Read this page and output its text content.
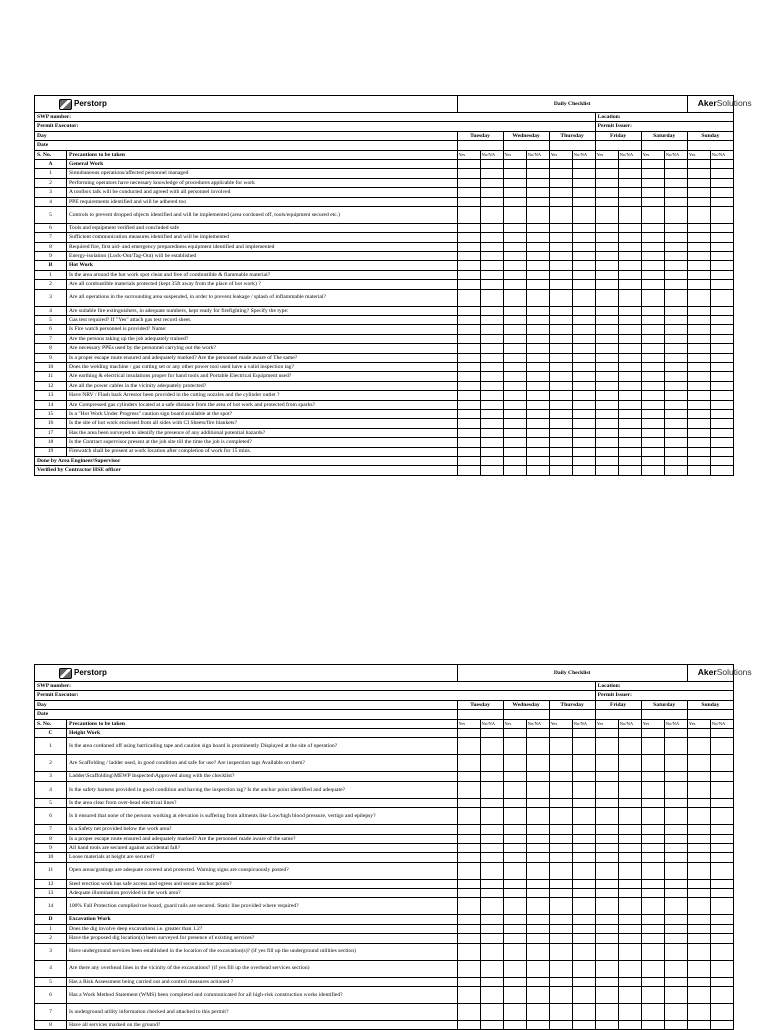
Perstorp		Daily Checklist										AkerSolutions	

SWP number:								Location:					
Permit Executor:								Permit Issuer:					
Day		Tuesday		Wednesday		Thursday		Friday		Saturday		Sunday	
Date													
S. No.	Precautions to be taken	Yes	No/NA	Yes	No/NA	Yes	No/NA	Yes	No/NA	Yes	No/NA	Yes	No/NA
A	General Work												
1	Simultaneous operations/affected personnel managed												
2	Performing operators have necessary knowledge of procedures applicable for work												
3	A toolbox talk will be conducted and agreed with all personnel involved												
4	PPE requirements identified and will be adhered too												
5	Controls to prevent dropped objects identified and will be implemented (area cordoned off, tools/equipment secured etc.)												
6	Tools and equipment verified and concluded safe												
7	Sufficient communication measures identified and will be implemented												
8	Required fire, first aid- and emergency preparedness equipment identified and implemented												
9	Energy-isolation (Lock-Out/Tag-Out) will be established												
B	Hot Work												
1	Is the area around the hot work spot clean and free of combustible & flammable material?												
2	Are all combustible materials protected (kept 35ft away from the place of hot work) ?												
3	Are all operations in the surrounding area suspended, in order to prevent leakage / splash of inflammable material?												
4	Are suitable fire extinguishers, in adequate numbers, kept ready for firefighting? Specify the type:												
5	Gas test required? If "Yes" attach gas test record sheet.												
6	Is Fire watch personnel is provided? Name:												
7	Are the persons taking up the job adequately trained?												
8	Are necessary PPEs used by the personnel carrying out the work?												
9	Is a proper escape route ensured and adequately marked? Are the personnel made aware of The same?												
10	Does the welding machine / gas cutting set or any other power tool used have a valid inspection tag?												
11	Are earthing & electrical insulations proper for hand tools and Portable Electrical Equipment used?												
12	Are all the power cables in the vicinity adequately protected?												
13	Have NRV / Flash back Arrestor been provided in the cutting nozzles and the cylinder outlet ?												
14	Are Compressed gas cylinders located at a safe distance from the area of hot work and protected from sparks?												
15	Is a "Hot Work Under Progress" caution sign board available at the spot?												
16	Is the site of hot work enclosed from all sides with CI Sheets/fire blankets?												
17	Has the area been surveyed to identify the presence of any additional potential hazards?												
18	Is the Contract supervisor present at the job site till the time the job is completed?												
19	Firewatch shall be present at work location after completion of work for 15 mins.												
Done by Area Engineer/Supervisor													
Verified by Contractor HSE officer													
Perstorp		Daily Checklist										AkerSolutions	

SWP number:								Location:					
Permit Executor:								Permit Issuer:					
Day		Tuesday		Wednesday		Thursday		Friday		Saturday		Sunday	
Date													
S. No.	Precautions to be taken	Yes	No/NA	Yes	No/NA	Yes	No/NA	Yes	No/NA	Yes	No/NA	Yes	No/NA
C	Height Work												
1	Is the area cordoned off using barricading tape and caution sign board is prominently Displayed at the site of operation?												
2	Are Scaffolding / ladder used, in good condition and safe for use? Are inspection tags Available on them?												
3	Ladder\Scaffolding\MEWP Inspected\Approved along with the checklist?												
4	Is the safety harness provided in good condition and having the inspection tag? Is the anchor point identified and adequate?												
5	Is the area clear from over-head electrical lines?												
6	Is it ensured that none of the persons working at elevation is suffering from ailments like Low/high blood pressure, vertigo and epilepsy?												
7	Is a Safety net provided below the work area?												
8	Is a proper escape route ensured and adequately marked? Are the personnel made aware of the same?												
9	All hand tools are secured against accidental fall?												
10	Loose materials at height are secured?												
11	Open areas/gratings are adequate covered and protected. Warning signs are conspicuously posted?												
12	Steel erection work has safe access and egress and secure anchor points?												
13	Adequate illumination provided in the work area?												
14	100% Fall Protection complied toe board, guard rails are secured. Static line provided where required?												
D	Excavation Work												
1	Does the dig involve deep excavations i.e. greater than 1.2?												
2	Have the proposed dig location(s) been surveyed for presence of existing services?												
3	Have underground services been established in the location of the excavation(s)? (if yes fill up the underground utilities section)												
4	Are there any overhead lines in the vicinity of the excavations? (if yes fill up the overhead services section)												
5	Has a Risk Assessment being carried out and control measures actioned ?												
6	Has a Work Method Statement (WMS) been completed and communicated for all high-risk construction works identified?												
7	Is underground utility information checked and attached to this permit?												
8	Have all services marked on the ground?												
